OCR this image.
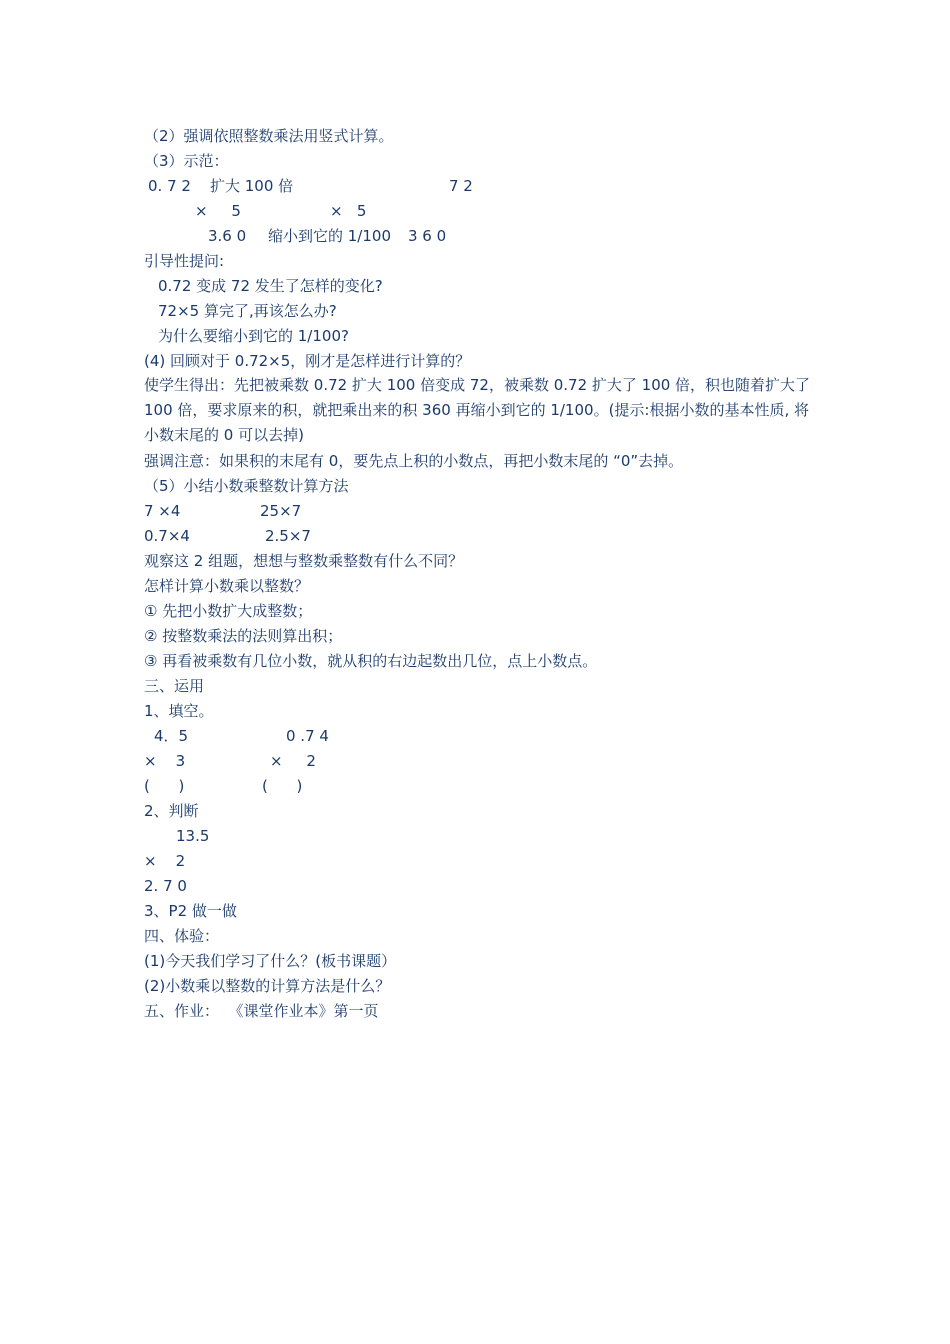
（2）强调依照整数乘法用竖式计算。
（3）示范：
0. 7 2 扩大 100 倍	7 2
×     5	×   5
3.6 0 缩小到它的 1/100 3 6 0
引导性提问:
0.72 变成 72 发生了怎样的变化?
72×5 算完了,再该怎么办?
为什么要缩小到它的 1/100?
(4) 回顾对于 0.72×5，刚才是怎样进行计算的？
使学生得出：先把被乘数 0.72 扩大 100 倍变成 72，被乘数 0.72 扩大了 100 倍，积也随着扩大了 100 倍，要求原来的积，就把乘出来的积 360 再缩小到它的 1/100。(提示:根据小数的基本性质, 将小数末尾的 0 可以去掉)
强调注意：如果积的末尾有 0，要先点上积的小数点，再把小数末尾的 “0”去掉。
（5）小结小数乘整数计算方法
7 ×4	25×7
0.7×4	2.5×7
观察这 2 组题，想想与整数乘整数有什么不同？
怎样计算小数乘以整数？
① 先把小数扩大成整数；
② 按整数乘法的法则算出积；
③ 再看被乘数有几位小数，就从积的右边起数出几位，点上小数点。
三、运用
1、填空。
4．5	0 .7 4
×    3	×     2
(      )	(      )
2、判断
13.5
×    2
2. 7 0
3、P2 做一做
四、体验：
(1)今天我们学习了什么？(板书课题）
(2)小数乘以整数的计算方法是什么？
五、作业：  《课堂作业本》第一页
